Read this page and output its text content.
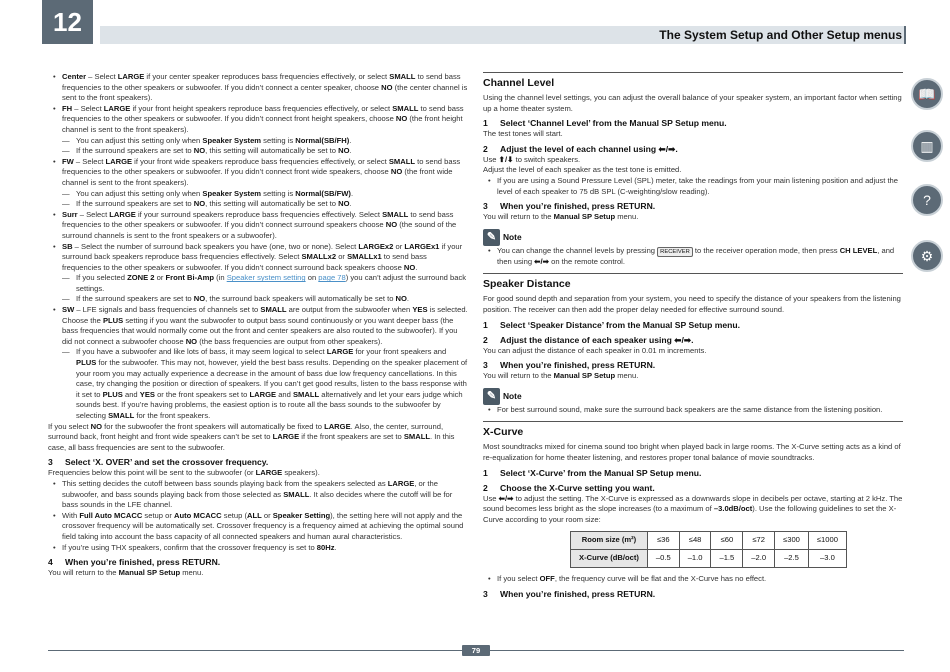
12	The System Setup and Other Setup menus
• Center – Select LARGE if your center speaker reproduces bass frequencies effectively, or select SMALL to send bass frequencies to the other speakers or subwoofer. If you didn’t connect a center speaker, choose NO (the center channel is sent to the front speakers).
• FH – Select LARGE if your front height speakers reproduce bass frequencies effectively, or select SMALL to send bass frequencies to the other speakers or subwoofer. If you didn’t connect front height speakers, choose NO (the front height channel is sent to the front speakers).
— You can adjust this setting only when Speaker System setting is Normal(SB/FH).
— If the surround speakers are set to NO, this setting will automatically be set to NO.
• FW – Select LARGE if your front wide speakers reproduce bass frequencies effectively, or select SMALL to send bass frequencies to the other speakers or subwoofer. If you didn’t connect front wide speakers, choose NO (the front wide channel is sent to the front speakers).
— You can adjust this setting only when Speaker System setting is Normal(SB/FW).
— If the surround speakers are set to NO, this setting will automatically be set to NO.
• Surr – Select LARGE if your surround speakers reproduce bass frequencies effectively. Select SMALL to send bass frequencies to the other speakers or subwoofer. If you didn’t connect surround speakers choose NO (the sound of the surround channels is sent to the front speakers or a subwoofer).
• SB – Select the number of surround back speakers you have (one, two or none). Select LARGEx2 or LARGEx1 if your surround back speakers reproduce bass frequencies effectively. Select SMALLx2 or SMALLx1 to send bass frequencies to the other speakers or subwoofer. If you didn’t connect surround back speakers choose NO.
— If you selected ZONE 2 or Front Bi-Amp (in Speaker system setting on page 78) you can’t adjust the surround back settings.
— If the surround speakers are set to NO, the surround back speakers will automatically be set to NO.
• SW – LFE signals and bass frequencies of channels set to SMALL are output from the subwoofer when YES is selected. Choose the PLUS setting if you want the subwoofer to output bass sound continuously or you want deeper bass (the bass frequencies that would normally come out the front and center speakers are also routed to the subwoofer). If you did not connect a subwoofer choose NO (the bass frequencies are output from other speakers).
— If you have a subwoofer and like lots of bass, it may seem logical to select LARGE for your front speakers and PLUS for the subwoofer. This may not, however, yield the best bass results. Depending on the speaker placement of your room you may actually experience a decrease in the amount of bass due low frequency cancellations. In this case, try changing the position or direction of speakers. If you can’t get good results, listen to the bass response with it set to PLUS and YES or the front speakers set to LARGE and SMALL alternatively and let your ears judge which sounds best. If you’re having problems, the easiest option is to route all the bass sounds to the subwoofer by selecting SMALL for the front speakers.
If you select NO for the subwoofer the front speakers will automatically be fixed to LARGE. Also, the center, surround, surround back, front height and front wide speakers can’t be set to LARGE if the front speakers are set to SMALL. In this case, all bass frequencies are sent to the subwoofer.
3 Select ‘X. OVER’ and set the crossover frequency.
Frequencies below this point will be sent to the subwoofer (or LARGE speakers).
• This setting decides the cutoff between bass sounds playing back from the speakers selected as LARGE, or the subwoofer, and bass sounds playing back from those selected as SMALL. It also decides where the cutoff will be for bass sounds in the LFE channel.
• With Full Auto MCACC setup or Auto MCACC setup (ALL or Speaker Setting), the setting here will not apply and the crossover frequency will be automatically set. Crossover frequency is a frequency aimed at achieving the optimal sound field taking into account the bass capacity of all connected speakers and human aural characteristics.
• If you’re using THX speakers, confirm that the crossover frequency is set to 80Hz.
4 When you’re finished, press RETURN.
You will return to the Manual SP Setup menu.
Channel Level
Using the channel level settings, you can adjust the overall balance of your speaker system, an important factor when setting up a home theater system.
1 Select ‘Channel Level’ from the Manual SP Setup menu.
The test tones will start.
2 Adjust the level of each channel using ⬅/➡.
Use ⬆/⬇ to switch speakers.
Adjust the level of each speaker as the test tone is emitted.
• If you are using a Sound Pressure Level (SPL) meter, take the readings from your main listening position and adjust the level of each speaker to 75 dB SPL (C-weighting/slow reading).
3 When you’re finished, press RETURN.
You will return to the Manual SP Setup menu.
✎ Note
• You can change the channel levels by pressing RECEIVER to the receiver operation mode, then press CH LEVEL, and then using ⬅/➡ on the remote control.
Speaker Distance
For good sound depth and separation from your system, you need to specify the distance of your speakers from the listening position. The receiver can then add the proper delay needed for effective surround sound.
1 Select ‘Speaker Distance’ from the Manual SP Setup menu.
2 Adjust the distance of each speaker using ⬅/➡.
You can adjust the distance of each speaker in 0.01 m increments.
3 When you’re finished, press RETURN.
You will return to the Manual SP Setup menu.
✎ Note
• For best surround sound, make sure the surround back speakers are the same distance from the listening position.
X-Curve
Most soundtracks mixed for cinema sound too bright when played back in large rooms. The X-Curve setting acts as a kind of re-equalization for home theater listening, and restores proper tonal balance of movie soundtracks.
1 Select ‘X-Curve’ from the Manual SP Setup menu.
2 Choose the X-Curve setting you want.
Use ⬅/➡ to adjust the setting. The X-Curve is expressed as a downwards slope in decibels per octave, starting at 2 kHz. The sound becomes less bright as the slope increases (to a maximum of –3.0dB/oct). Use the following guidelines to set the X-Curve according to your room size:
Room size (m²)	≤36	≤48	≤60	≤72	≤300	≤1000
X-Curve (dB/oct)	–0.5	–1.0	–1.5	–2.0	–2.5	–3.0
• If you select OFF, the frequency curve will be flat and the X-Curve has no effect.
3 When you’re finished, press RETURN.
📖
▥
?
⚙
79
